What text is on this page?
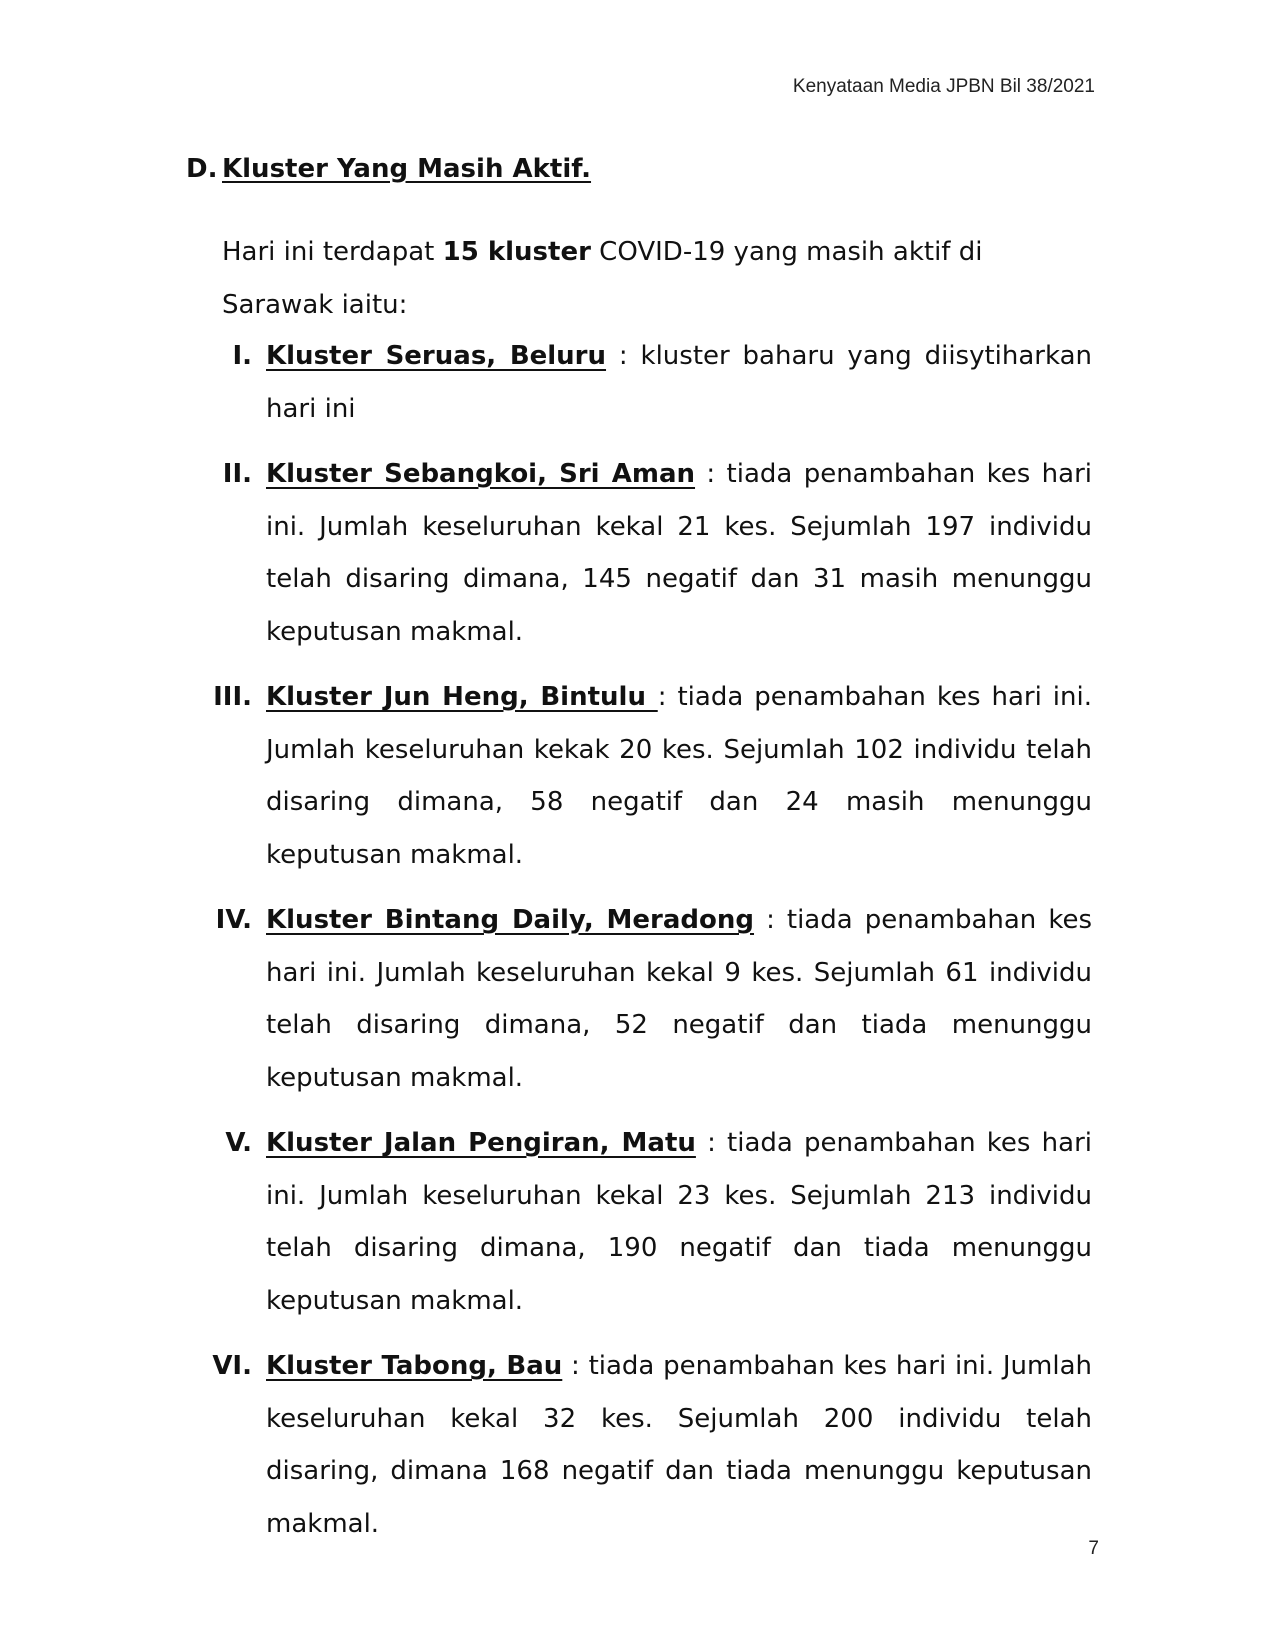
Kenyataan Media JPBN Bil 38/2021
D. Kluster Yang Masih Aktif.
Hari ini terdapat 15 kluster COVID-19 yang masih aktif di Sarawak iaitu:
I. Kluster Seruas, Beluru : kluster baharu yang diisytiharkan hari ini
II. Kluster Sebangkoi, Sri Aman : tiada penambahan kes hari ini. Jumlah keseluruhan kekal 21 kes. Sejumlah 197 individu telah disaring dimana, 145 negatif dan 31 masih menunggu keputusan makmal.
III. Kluster Jun Heng, Bintulu : tiada penambahan kes hari ini. Jumlah keseluruhan kekak 20 kes. Sejumlah 102 individu telah disaring dimana, 58 negatif dan 24 masih menunggu keputusan makmal.
IV. Kluster Bintang Daily, Meradong : tiada penambahan kes hari ini. Jumlah keseluruhan kekal 9 kes. Sejumlah 61 individu telah disaring dimana, 52 negatif dan tiada menunggu keputusan makmal.
V. Kluster Jalan Pengiran, Matu : tiada penambahan kes hari ini. Jumlah keseluruhan kekal 23 kes. Sejumlah 213 individu telah disaring dimana, 190 negatif dan tiada menunggu keputusan makmal.
VI. Kluster Tabong, Bau : tiada penambahan kes hari ini. Jumlah keseluruhan kekal 32 kes. Sejumlah 200 individu telah disaring, dimana 168 negatif dan tiada menunggu keputusan makmal.
7
